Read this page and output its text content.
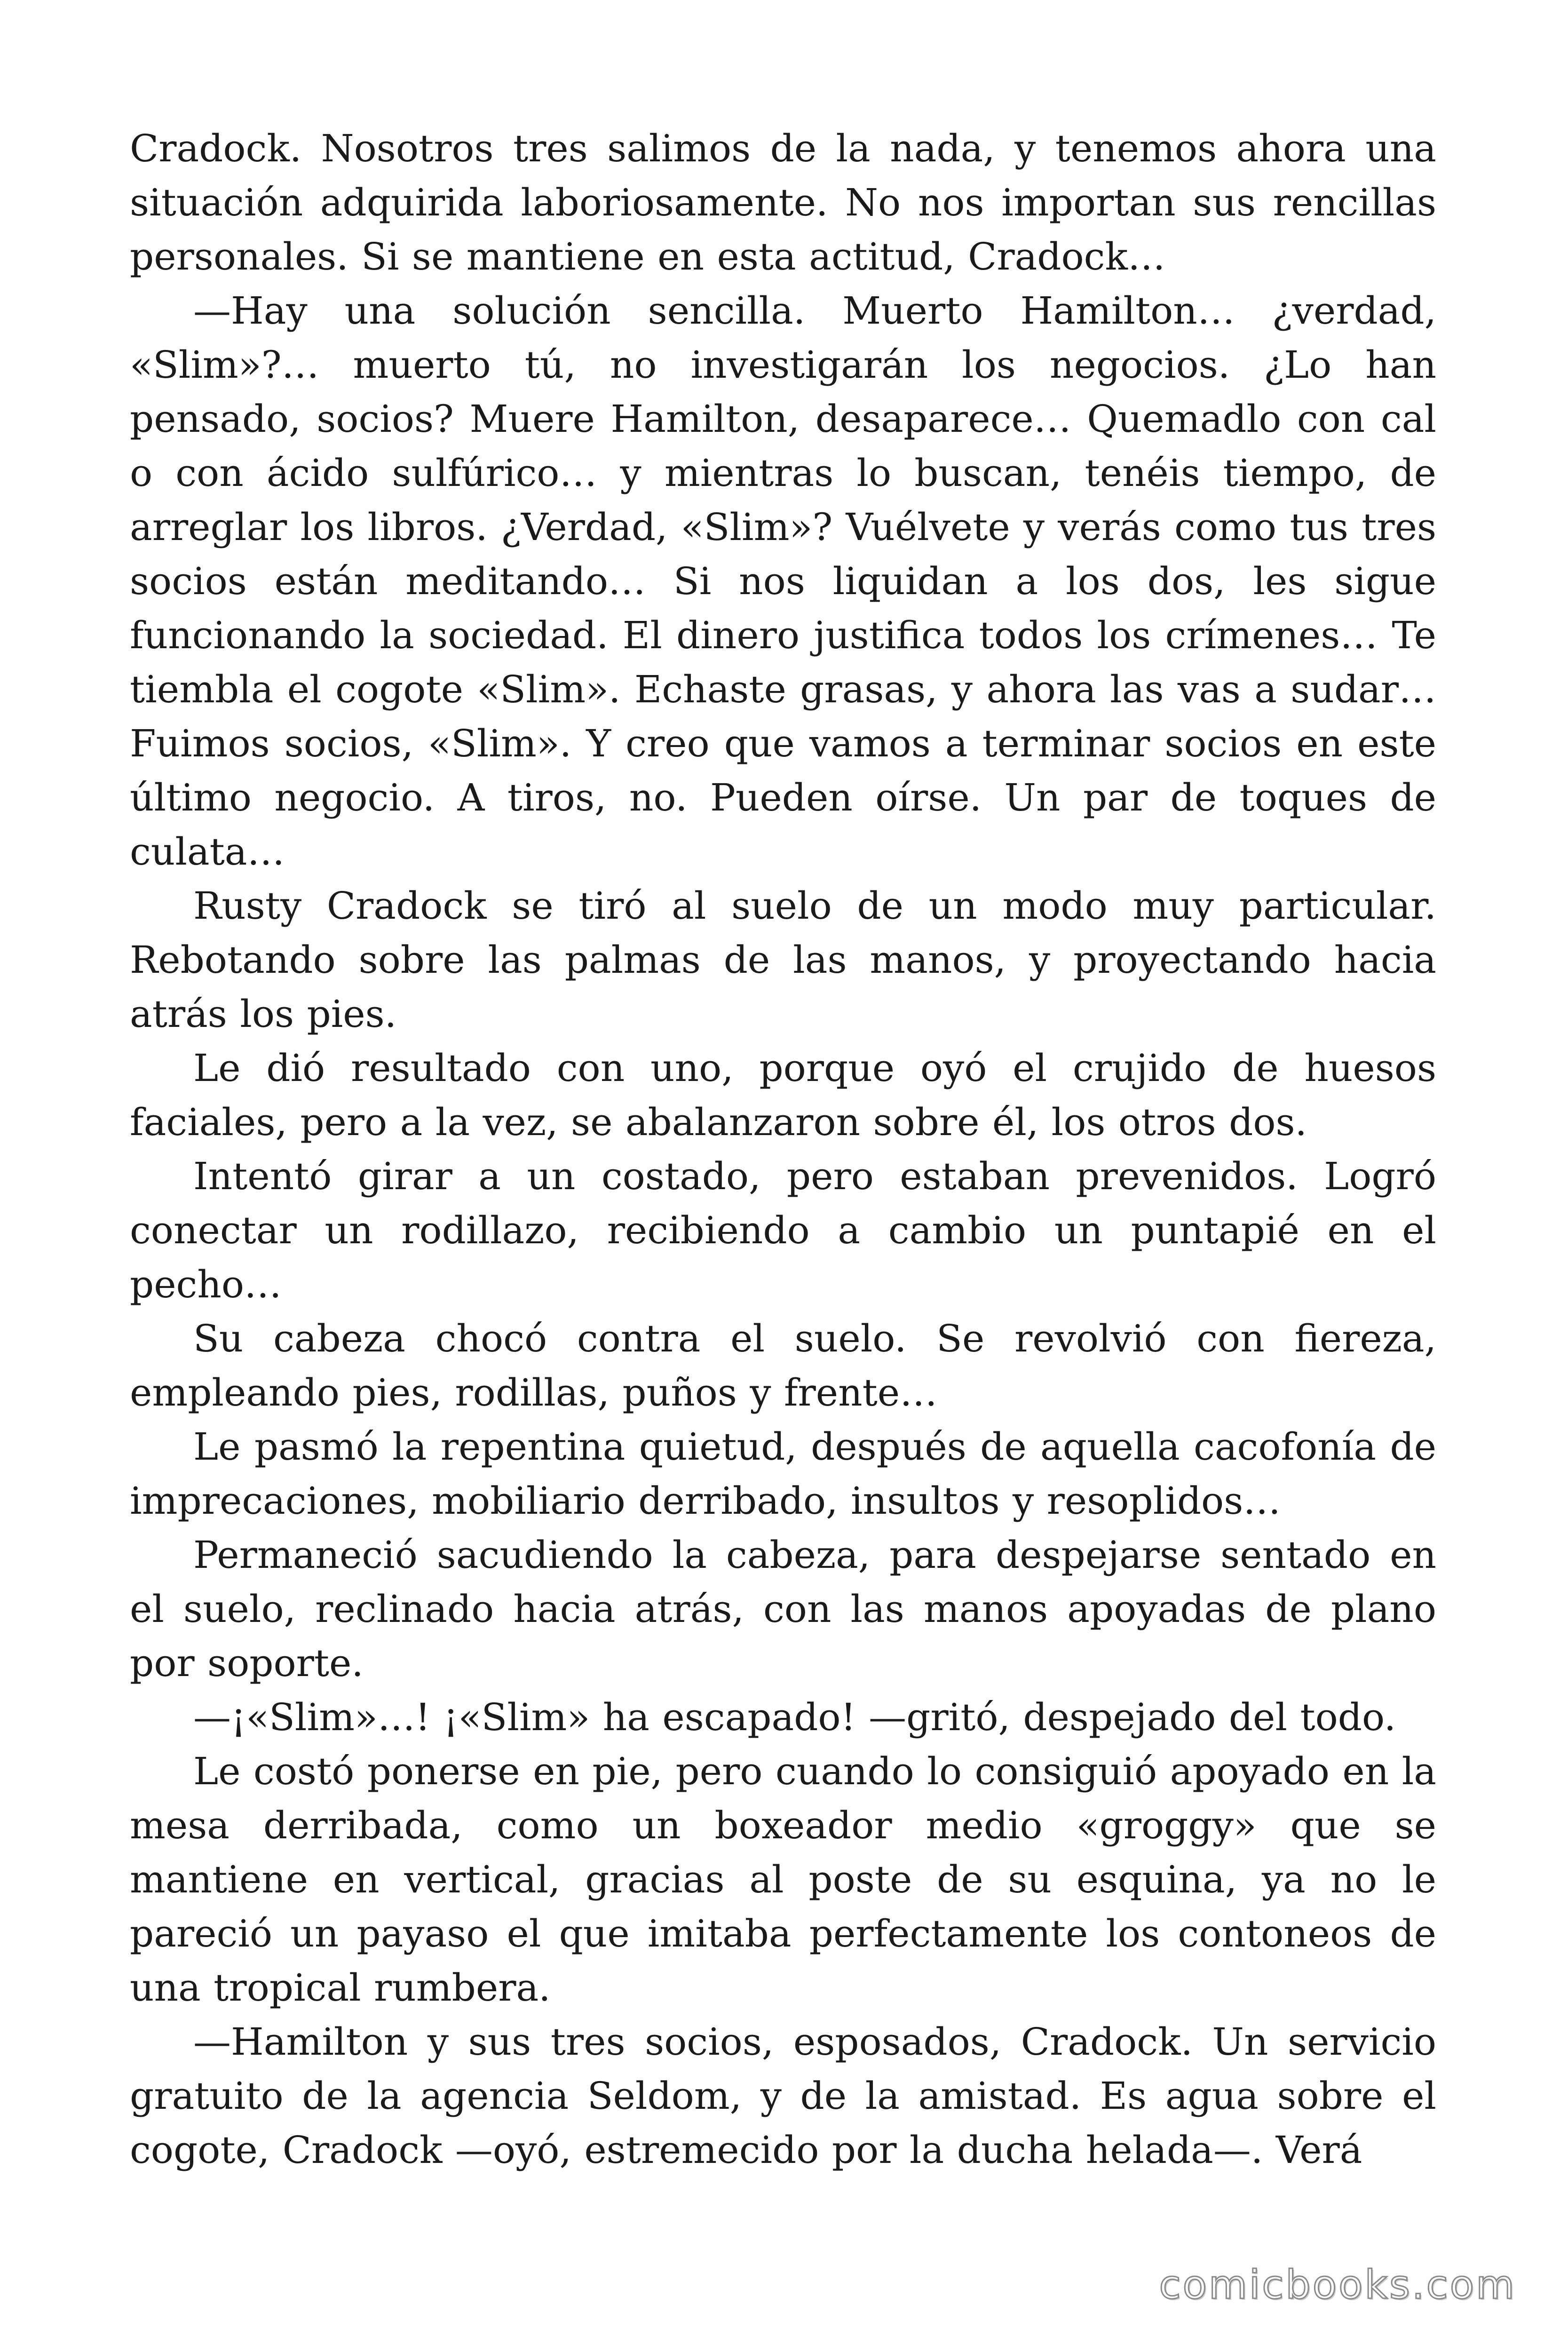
Cradock. Nosotros tres salimos de la nada, y tenemos ahora una situación adquirida laboriosamente. No nos importan sus rencillas personales. Si se mantiene en esta actitud, Cradock…

—Hay una solución sencilla. Muerto Hamilton… ¿verdad, «Slim»?… muerto tú, no investigarán los negocios. ¿Lo han pensado, socios? Muere Hamilton, desaparece… Quemadlo con cal o con ácido sulfúrico… y mientras lo buscan, tenéis tiempo, de arreglar los libros. ¿Verdad, «Slim»? Vuélvete y verás como tus tres socios están meditando… Si nos liquidan a los dos, les sigue funcionando la sociedad. El dinero justifica todos los crímenes… Te tiembla el cogote «Slim». Echaste grasas, y ahora las vas a sudar… Fuimos socios, «Slim». Y creo que vamos a terminar socios en este último negocio. A tiros, no. Pueden oírse. Un par de toques de culata…

Rusty Cradock se tiró al suelo de un modo muy particular. Rebotando sobre las palmas de las manos, y proyectando hacia atrás los pies.

Le dió resultado con uno, porque oyó el crujido de huesos faciales, pero a la vez, se abalanzaron sobre él, los otros dos.

Intentó girar a un costado, pero estaban prevenidos. Logró conectar un rodillazo, recibiendo a cambio un puntapié en el pecho…

Su cabeza chocó contra el suelo. Se revolvió con fiereza, empleando pies, rodillas, puños y frente…

Le pasmó la repentina quietud, después de aquella cacofonía de imprecaciones, mobiliario derribado, insultos y resoplidos…

Permaneció sacudiendo la cabeza, para despejarse sentado en el suelo, reclinado hacia atrás, con las manos apoyadas de plano por soporte.

—¡«Slim»…! ¡«Slim» ha escapado! —gritó, despejado del todo.

Le costó ponerse en pie, pero cuando lo consiguió apoyado en la mesa derribada, como un boxeador medio «groggy» que se mantiene en vertical, gracias al poste de su esquina, ya no le pareció un payaso el que imitaba perfectamente los contoneos de una tropical rumbera.

—Hamilton y sus tres socios, esposados, Cradock. Un servicio gratuito de la agencia Seldom, y de la amistad. Es agua sobre el cogote, Cradock —oyó, estremecido por la ducha helada—. Verá

comicbooks.com
